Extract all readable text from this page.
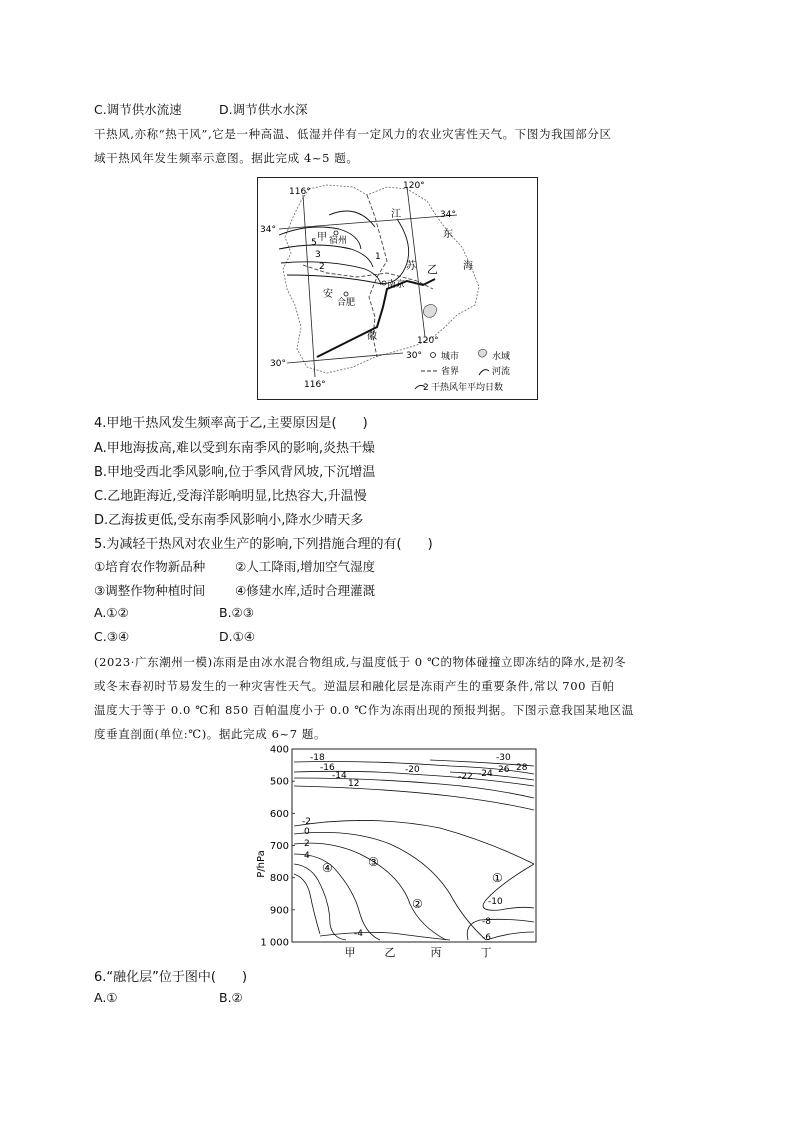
C.调节供水流速	D.调节供水水深
干热风,亦称“热干风”,它是一种高温、低湿并伴有一定风力的农业灾害性天气。下图为我国部分区
域干热风年发生频率示意图。据此完成 4~5 题。
116°
120°
116°
120°
34°
34°
30°
30°
甲
乙
江
东
苏	海
安
徽
宿州
合肥
南京
5
3
2
1
城市	水域
省界	河流
2 干热风年平均日数
4.甲地干热风发生频率高于乙,主要原因是(　　)
A.甲地海拔高,难以受到东南季风的影响,炎热干燥
B.甲地受西北季风影响,位于季风背风坡,下沉增温
C.乙地距海近,受海洋影响明显,比热容大,升温慢
D.乙海拔更低,受东南季风影响小,降水少晴天多
5.为减轻干热风对农业生产的影响,下列措施合理的有(　　)
①培育农作物新品种 ②人工降雨,增加空气湿度
③调整作物种植时间 ④修建水库,适时合理灌溉
A.①②	B.②③
C.③④	D.①④
(2023·广东潮州一模)冻雨是由冰水混合物组成,与温度低于 0 ℃的物体碰撞立即冻结的降水,是初冬
或冬末春初时节易发生的一种灾害性天气。逆温层和融化层是冻雨产生的重要条件,常以 700 百帕
温度大于等于 0.0 ℃和 850 百帕温度小于 0.0 ℃作为冻雨出现的预报判据。下图示意我国某地区温
度垂直剖面(单位:℃)。据此完成 6~7 题。
400
500
600
700
800
900
1 000
甲	乙	丙	丁
P/hPa
-18
-16
-14
12
-20
-22 -24
-30
26 28
-2
0
2
4
-4
-10
-8
-6
①
②
③
④
6.“融化层”位于图中(　　)
A.①	B.②
